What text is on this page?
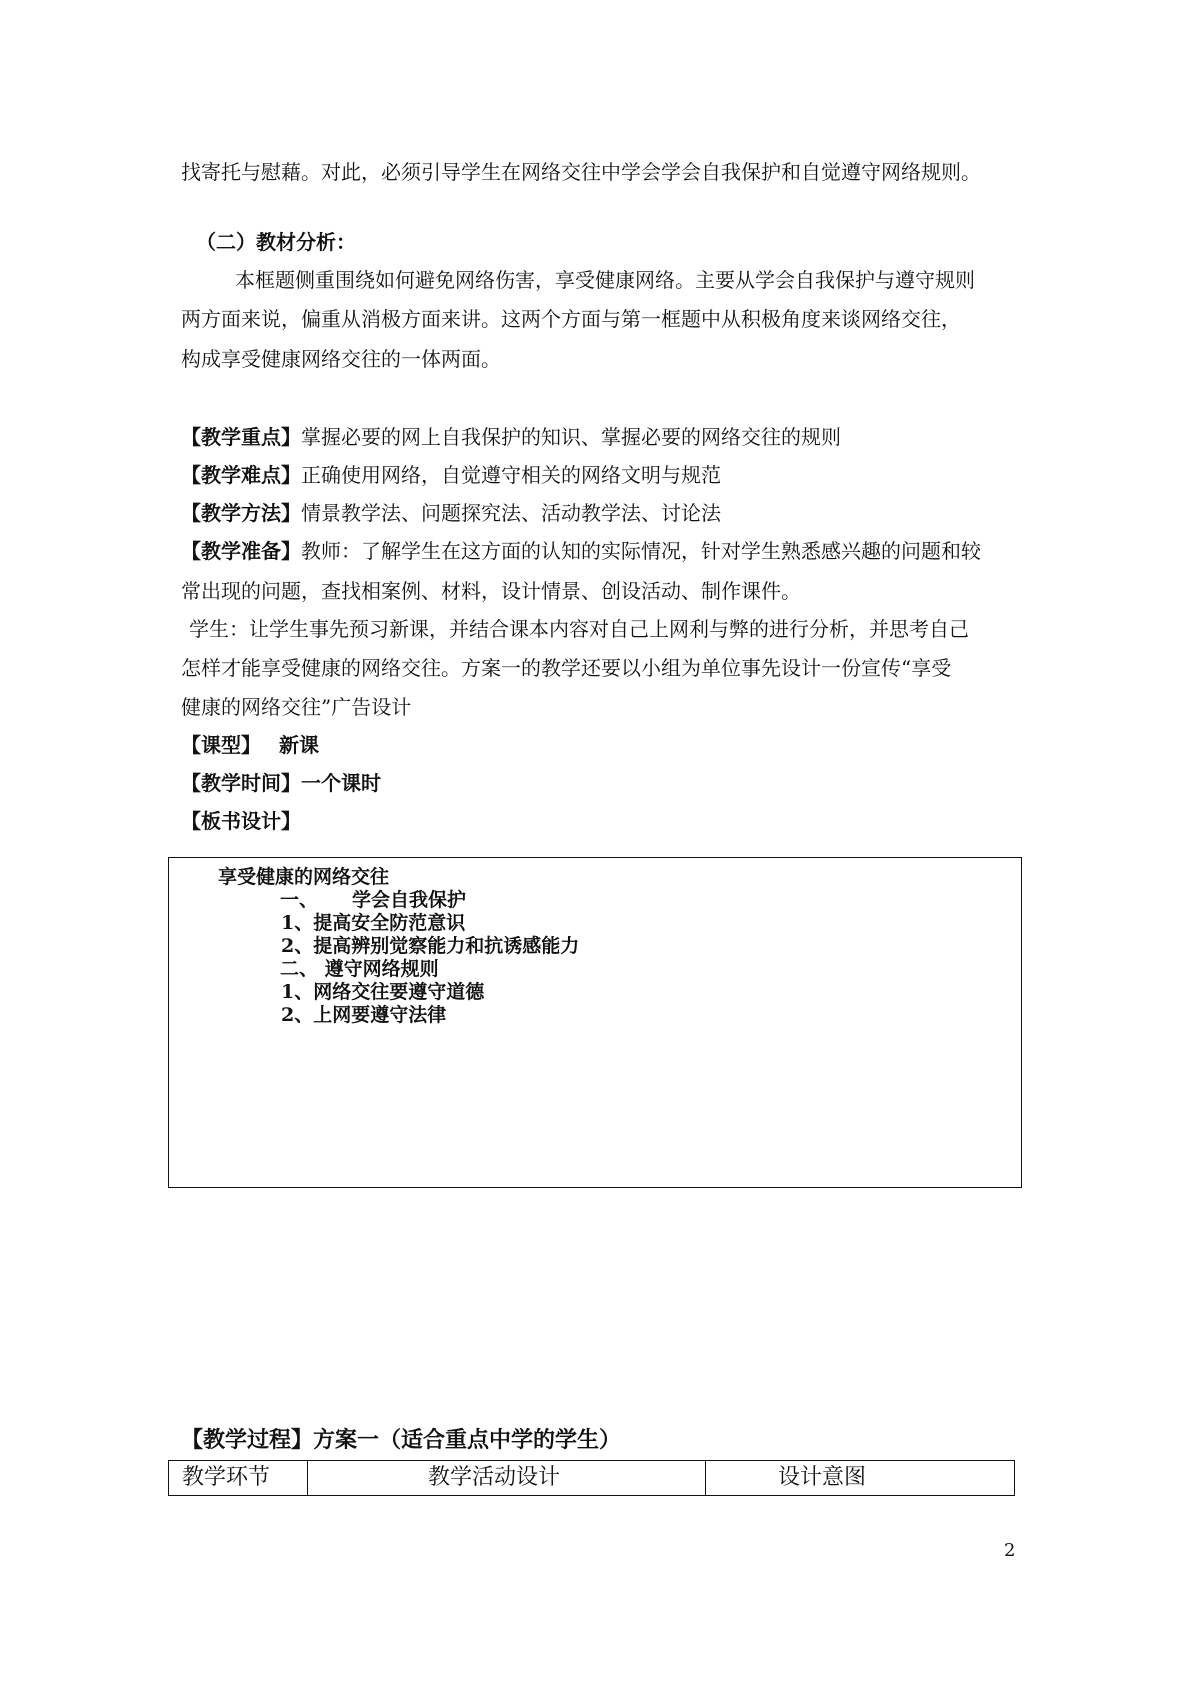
找寄托与慰藉。对此，必须引导学生在网络交往中学会学会自我保护和自觉遵守网络规则。
（二）教材分析：
本框题侧重围绕如何避免网络伤害，享受健康网络。主要从学会自我保护与遵守规则
两方面来说，偏重从消极方面来讲。这两个方面与第一框题中从积极角度来谈网络交往，
构成享受健康网络交往的一体两面。
【教学重点】掌握必要的网上自我保护的知识、掌握必要的网络交往的规则
【教学难点】正确使用网络，自觉遵守相关的网络文明与规范
【教学方法】情景教学法、问题探究法、活动教学法、讨论法
【教学准备】教师：了解学生在这方面的认知的实际情况，针对学生熟悉感兴趣的问题和较
常出现的问题，查找相案例、材料，设计情景、创设活动、制作课件。
学生：让学生事先预习新课，并结合课本内容对自己上网利与弊的进行分析，并思考自己
怎样才能享受健康的网络交往。方案一的教学还要以小组为单位事先设计一份宣传“享受
健康的网络交往”广告设计
【课型】 新课
【教学时间】一个课时
【板书设计】
享受健康的网络交往
一、 学会自我保护
1、提高安全防范意识
2、提高辨别觉察能力和抗诱感能力
二、 遵守网络规则
1、网络交往要遵守道德
2、上网要遵守法律
【教学过程】方案一（适合重点中学的学生）
教学环节	教学活动设计	设计意图
2
